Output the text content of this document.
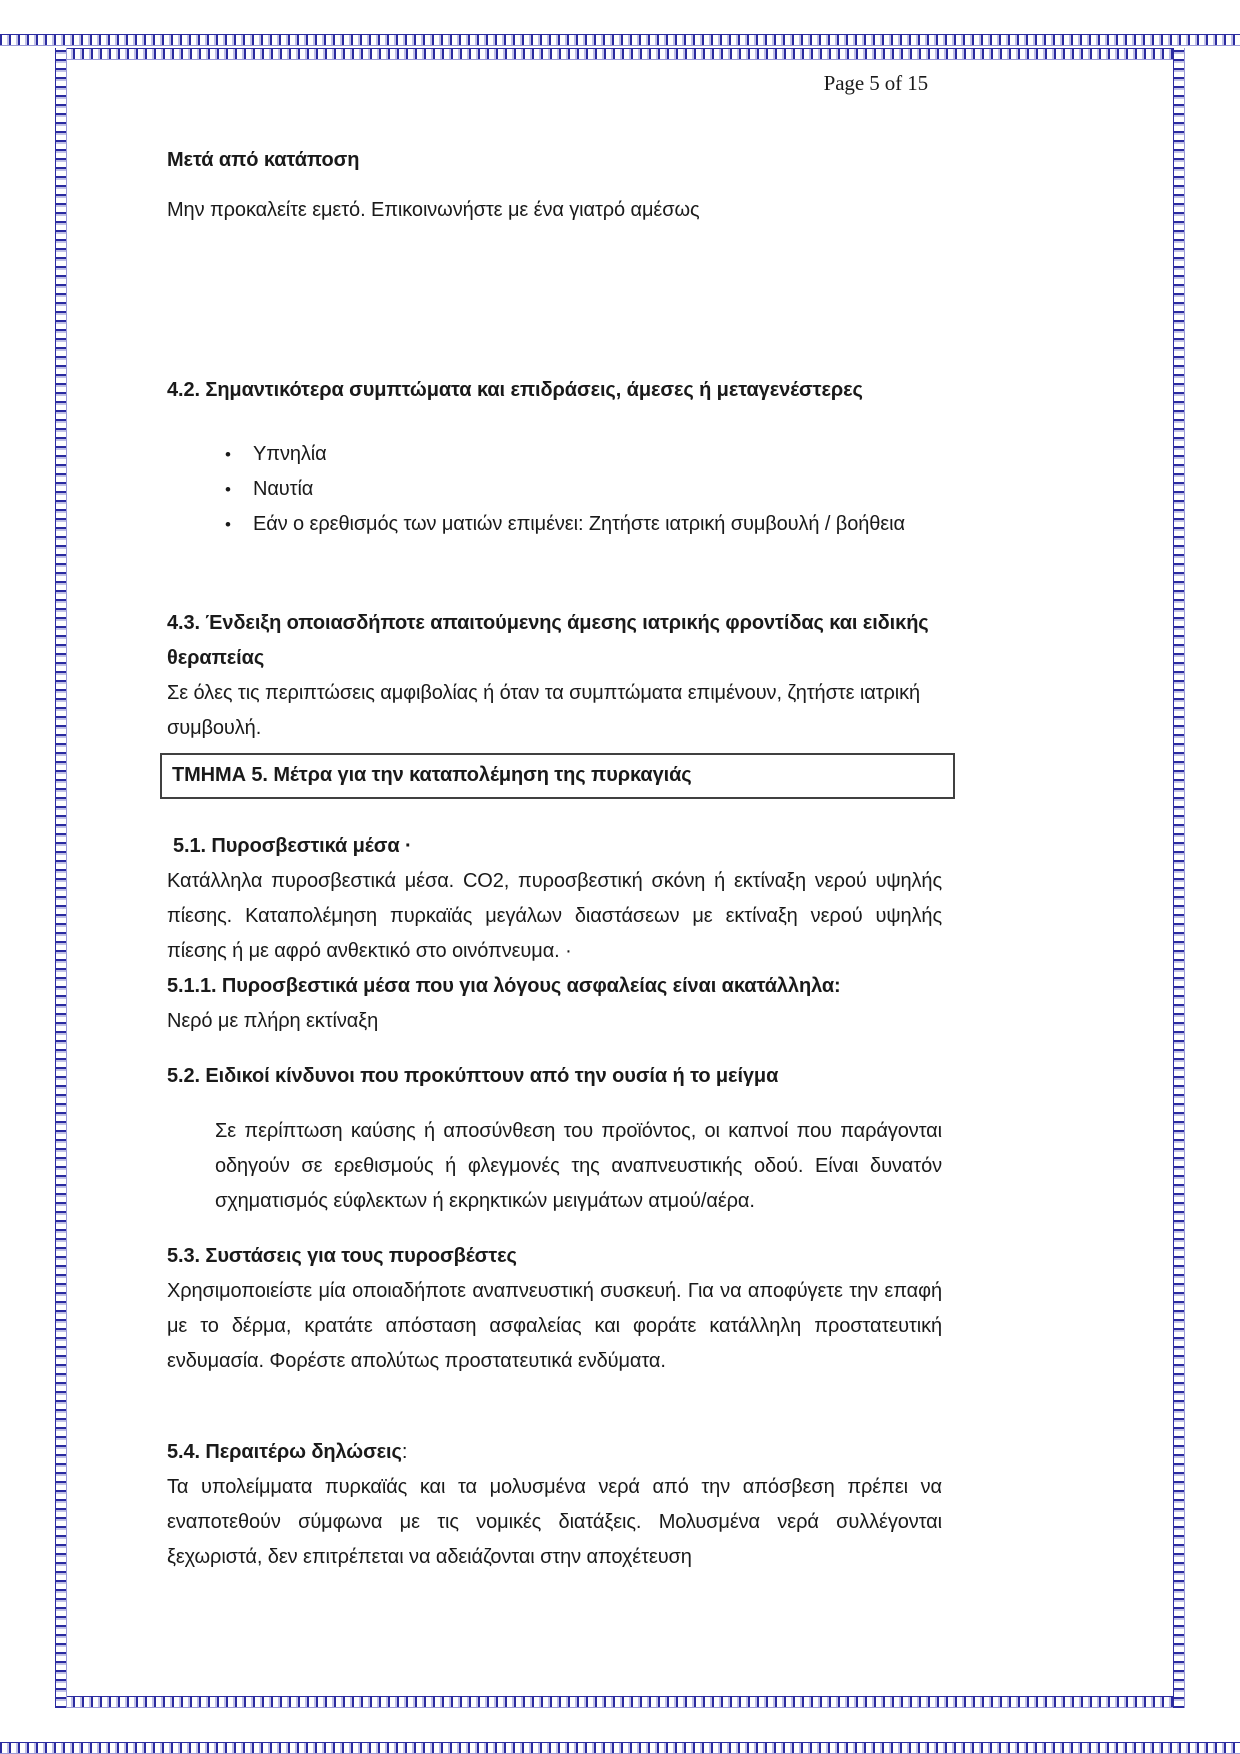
Page 5 of 15

Μετά από κατάποση

Μην προκαλείτε εμετό. Επικοινωνήστε με ένα γιατρό αμέσως

4.2. Σημαντικότερα συμπτώματα και επιδράσεις, άμεσες ή μεταγενέστερες

•	Υπνηλία
•	Ναυτία
•	Εάν ο ερεθισμός των ματιών επιμένει: Ζητήστε ιατρική συμβουλή / βοήθεια

4.3. Ένδειξη οποιασδήποτε απαιτούμενης άμεσης ιατρικής φροντίδας και ειδικής θεραπείας

Σε όλες τις περιπτώσεις αμφιβολίας ή όταν τα συμπτώματα επιμένουν, ζητήστε ιατρική συμβουλή.

ΤΜΗΜΑ 5. Μέτρα για την καταπολέμηση της πυρκαγιάς

5.1. Πυροσβεστικά μέσα ·

Κατάλληλα πυροσβεστικά μέσα. CO2, πυροσβεστική σκόνη ή εκτίναξη νερού υψηλής πίεσης. Καταπολέμηση πυρκαϊάς μεγάλων διαστάσεων με εκτίναξη νερού υψηλής πίεσης ή με αφρό ανθεκτικό στο οινόπνευμα. ·

5.1.1. Πυροσβεστικά μέσα που για λόγους ασφαλείας είναι ακατάλληλα:

Νερό με πλήρη εκτίναξη

5.2. Ειδικοί κίνδυνοι που προκύπτουν από την ουσία ή το μείγμα

Σε περίπτωση καύσης ή αποσύνθεση του προϊόντος, οι καπνοί που παράγονται οδηγούν σε ερεθισμούς ή φλεγμονές της αναπνευστικής οδού. Είναι δυνατόν σχηματισμός εύφλεκτων ή εκρηκτικών μειγμάτων ατμού/αέρα.

5.3. Συστάσεις για τους πυροσβέστες

Χρησιμοποιείστε μία οποιαδήποτε αναπνευστική συσκευή. Για να αποφύγετε την επαφή με το δέρμα, κρατάτε απόσταση ασφαλείας και φοράτε κατάλληλη προστατευτική ενδυμασία. Φορέστε απολύτως προστατευτικά ενδύματα.

5.4. Περαιτέρω δηλώσεις:

Τα υπολείμματα πυρκαϊάς και τα μολυσμένα νερά από την απόσβεση πρέπει να εναποτεθούν σύμφωνα με τις νομικές διατάξεις. Μολυσμένα νερά συλλέγονται ξεχωριστά, δεν επιτρέπεται να αδειάζονται στην αποχέτευση
